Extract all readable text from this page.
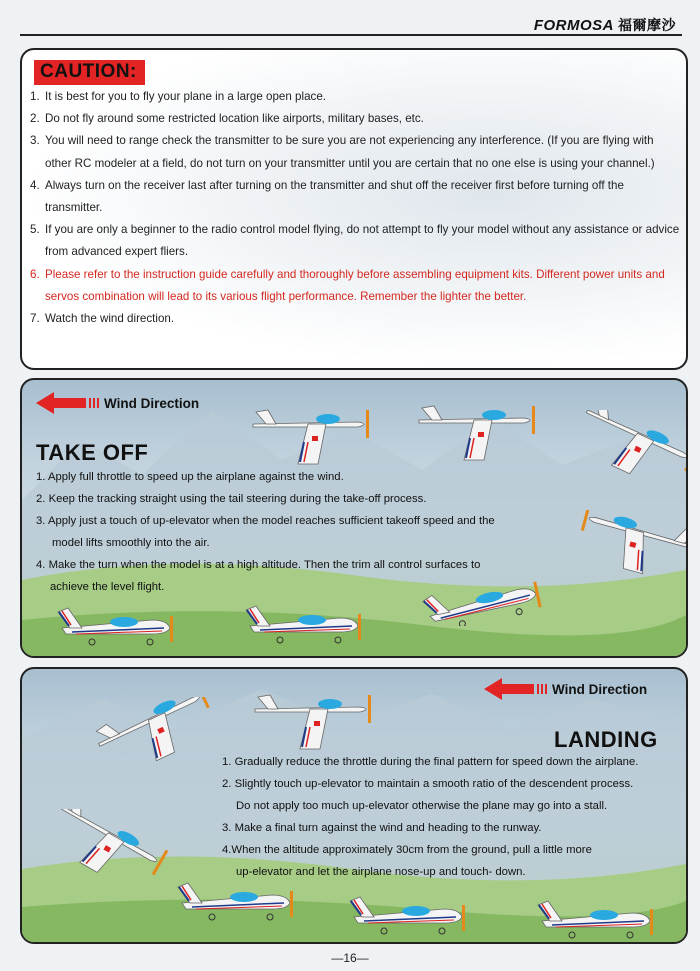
FORMOSA 福爾摩沙
CAUTION:
1. It is best for you to fly your plane in a large open place.
2. Do not fly around some restricted location like airports, military bases, etc.
3. You will need to range check the transmitter to be sure you are not experiencing any interference. (If you are flying with other RC modeler at a field, do not turn on your transmitter until you are certain that no one else is using your channel.)
4. Always turn on the receiver last after turning on the transmitter and shut off the receiver first before turning off the transmitter.
5. If you are only a beginner to the radio control model flying, do not attempt to fly your model without any assistance or advice from advanced expert fliers.
6. Please refer to the instruction guide carefully and thoroughly before assembling equipment kits. Different power units and servos combination will lead to its various flight performance. Remember the lighter the better.
7. Watch the wind direction.
Wind Direction
TAKE OFF
1. Apply full throttle to speed up the airplane against the wind.
2. Keep the tracking straight using the tail steering during the take-off process.
3. Apply just a touch of up-elevator when the model reaches sufficient takeoff speed and the
model lifts smoothly into the air.
4. Make the turn when the model is at a high altitude. Then the trim all control surfaces to
achieve the level flight.
Wind Direction
LANDING
1. Gradually reduce the throttle during the final pattern for speed down the airplane.
2. Slightly touch up-elevator to maintain a smooth ratio of the descendent process.
Do not apply too much up-elevator otherwise the plane may go into a stall.
3. Make a final turn against the wind and heading to the runway.
4.When the altitude approximately 30cm from the ground, pull a little more
up-elevator and let the airplane nose-up and touch- down.
—16—
